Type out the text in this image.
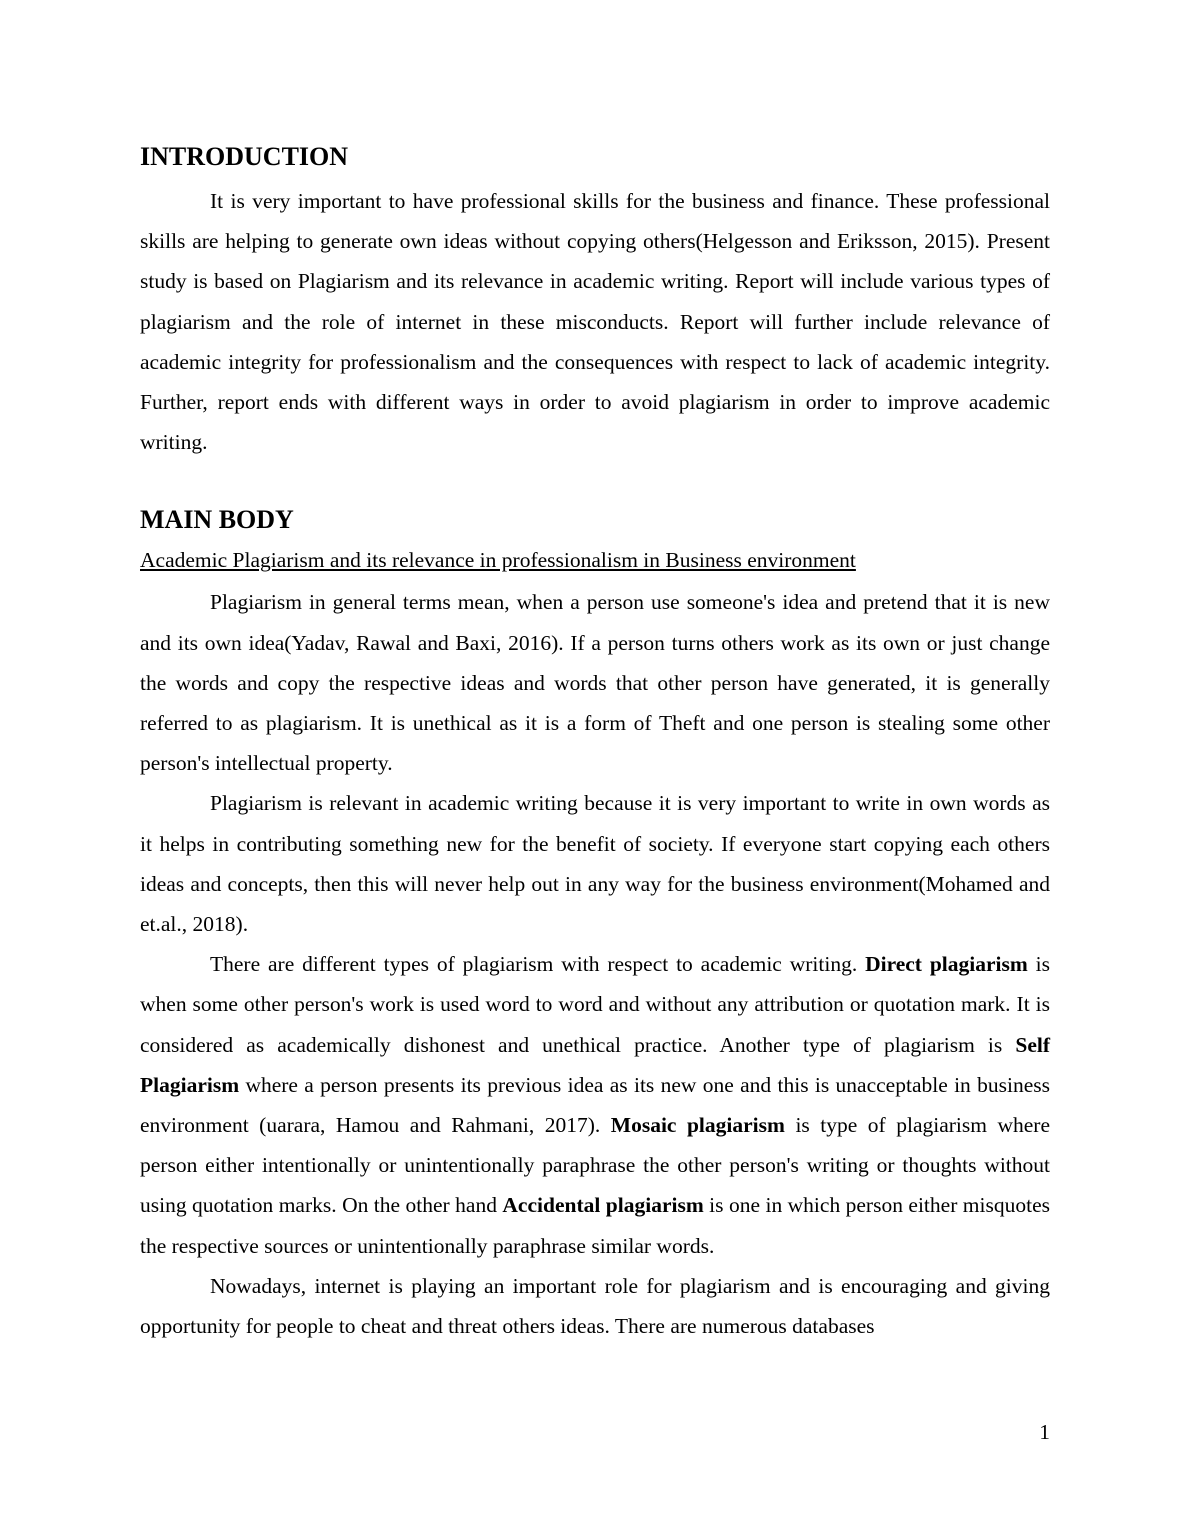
INTRODUCTION

It is very important to have professional skills for the business and finance. These professional skills are helping to generate own ideas without copying others(Helgesson and Eriksson, 2015). Present study is based on Plagiarism and its relevance in academic writing. Report will include various types of plagiarism and the role of internet in these misconducts. Report will further include relevance of academic integrity for professionalism and the consequences with respect to lack of academic integrity. Further, report ends with different ways in order to avoid plagiarism in order to improve academic writing.

MAIN BODY
Academic Plagiarism and its relevance in professionalism in Business environment

Plagiarism in general terms mean, when a person use someone's idea and pretend that it is new and its own idea(Yadav, Rawal and Baxi, 2016). If a person turns others work as its own or just change the words and copy the respective ideas and words that other person have generated, it is generally referred to as plagiarism. It is unethical as it is a form of Theft and one person is stealing some other person's intellectual property.

Plagiarism is relevant in academic writing because it is very important to write in own words as it helps in contributing something new for the benefit of society. If everyone start copying each others ideas and concepts, then this will never help out in any way for the business environment(Mohamed and et.al., 2018).

There are different types of plagiarism with respect to academic writing. Direct plagiarism is when some other person's work is used word to word and without any attribution or quotation mark. It is considered as academically dishonest and unethical practice. Another type of plagiarism is Self Plagiarism where a person presents its previous idea as its new one and this is unacceptable in business environment (uarara, Hamou and Rahmani, 2017). Mosaic plagiarism is type of plagiarism where person either intentionally or unintentionally paraphrase the other person's writing or thoughts without using quotation marks. On the other hand Accidental plagiarism is one in which person either misquotes the respective sources or unintentionally paraphrase similar words.

Nowadays, internet is playing an important role for plagiarism and is encouraging and giving opportunity for people to cheat and threat others ideas. There are numerous databases

1
